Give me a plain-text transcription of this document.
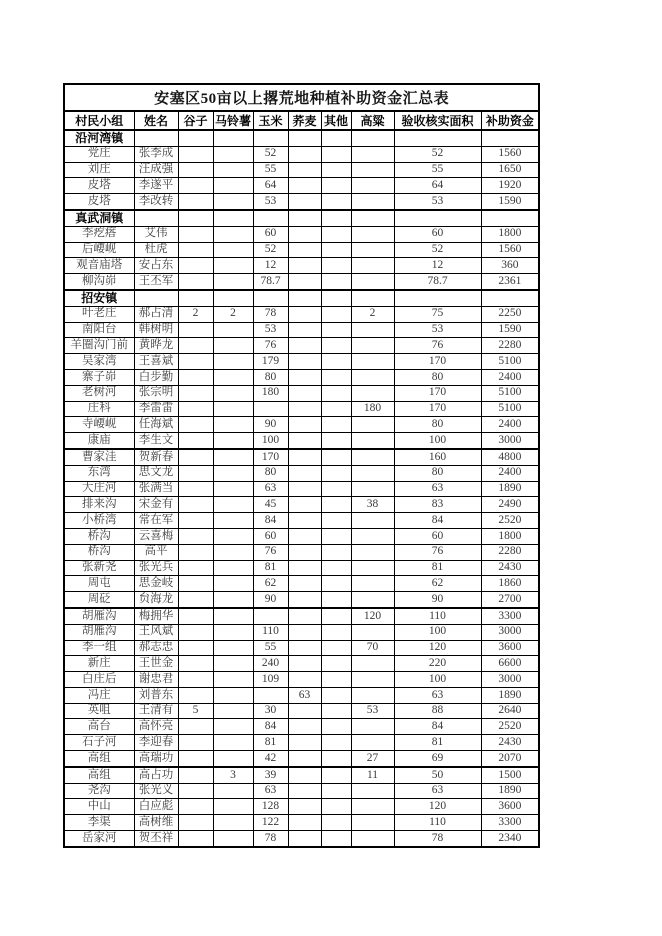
安塞区50亩以上撂荒地种植补助资金汇总表									
村民小组	姓名	谷子	马铃薯	玉米	荞麦	其他	高粱	验收核实面积	补助资金
沿河湾镇									
党庄	张李成			52				52	1560
刘庄	汪成强			55				55	1650
皮塔	李遂平			64				64	1920
皮塔	李改转			53				53	1590
真武洞镇									
李疙瘩	艾伟			60				60	1800
后崾岘	杜虎			52				52	1560
观音庙塔	安占东			12				12	360
柳沟峁	王丕军			78.7				78.7	2361
招安镇									
叶老庄	郝占清	2	2	78			2	75	2250
南阳台	韩树明			53				53	1590
羊圈沟门前	黄晔龙			76				76	2280
吴家湾	王喜斌			179				170	5100
寨子峁	白步勤			80				80	2400
老树河	张宗明			180				170	5100
庄科	李雷雷						180	170	5100
寺崾岘	任海斌			90				80	2400
康庙	李生文			100				100	3000
曹家洼	贺新春			170				160	4800
东湾	思文龙			80				80	2400
大庄河	张满当			63				63	1890
排来沟	宋金有			45			38	83	2490
小桥湾	常在军			84				84	2520
桥沟	云喜梅			60				60	1800
桥沟	高平			76				76	2280
张新尧	张光兵			81				81	2430
周屯	思金岐			62				62	1860
周砭	贠海龙			90				90	2700
胡雁沟	梅拥华						120	110	3300
胡雁沟	王风斌			110				100	3000
李一组	郝志忠			55			70	120	3600
新庄	王世金			240				220	6600
白庄后	谢忠君			109				100	3000
冯庄	刘普东				63			63	1890
英咀	王清有	5		30			53	88	2640
高台	高怀亮			84				84	2520
石子河	李迎春			81				81	2430
高组	高瑞功			42			27	69	2070
高组	高占功		3	39			11	50	1500
尧沟	张光义			63				63	1890
中山	白应彪			128				120	3600
李渠	高树维			122				110	3300
岳家河	贺丕祥			78				78	2340
